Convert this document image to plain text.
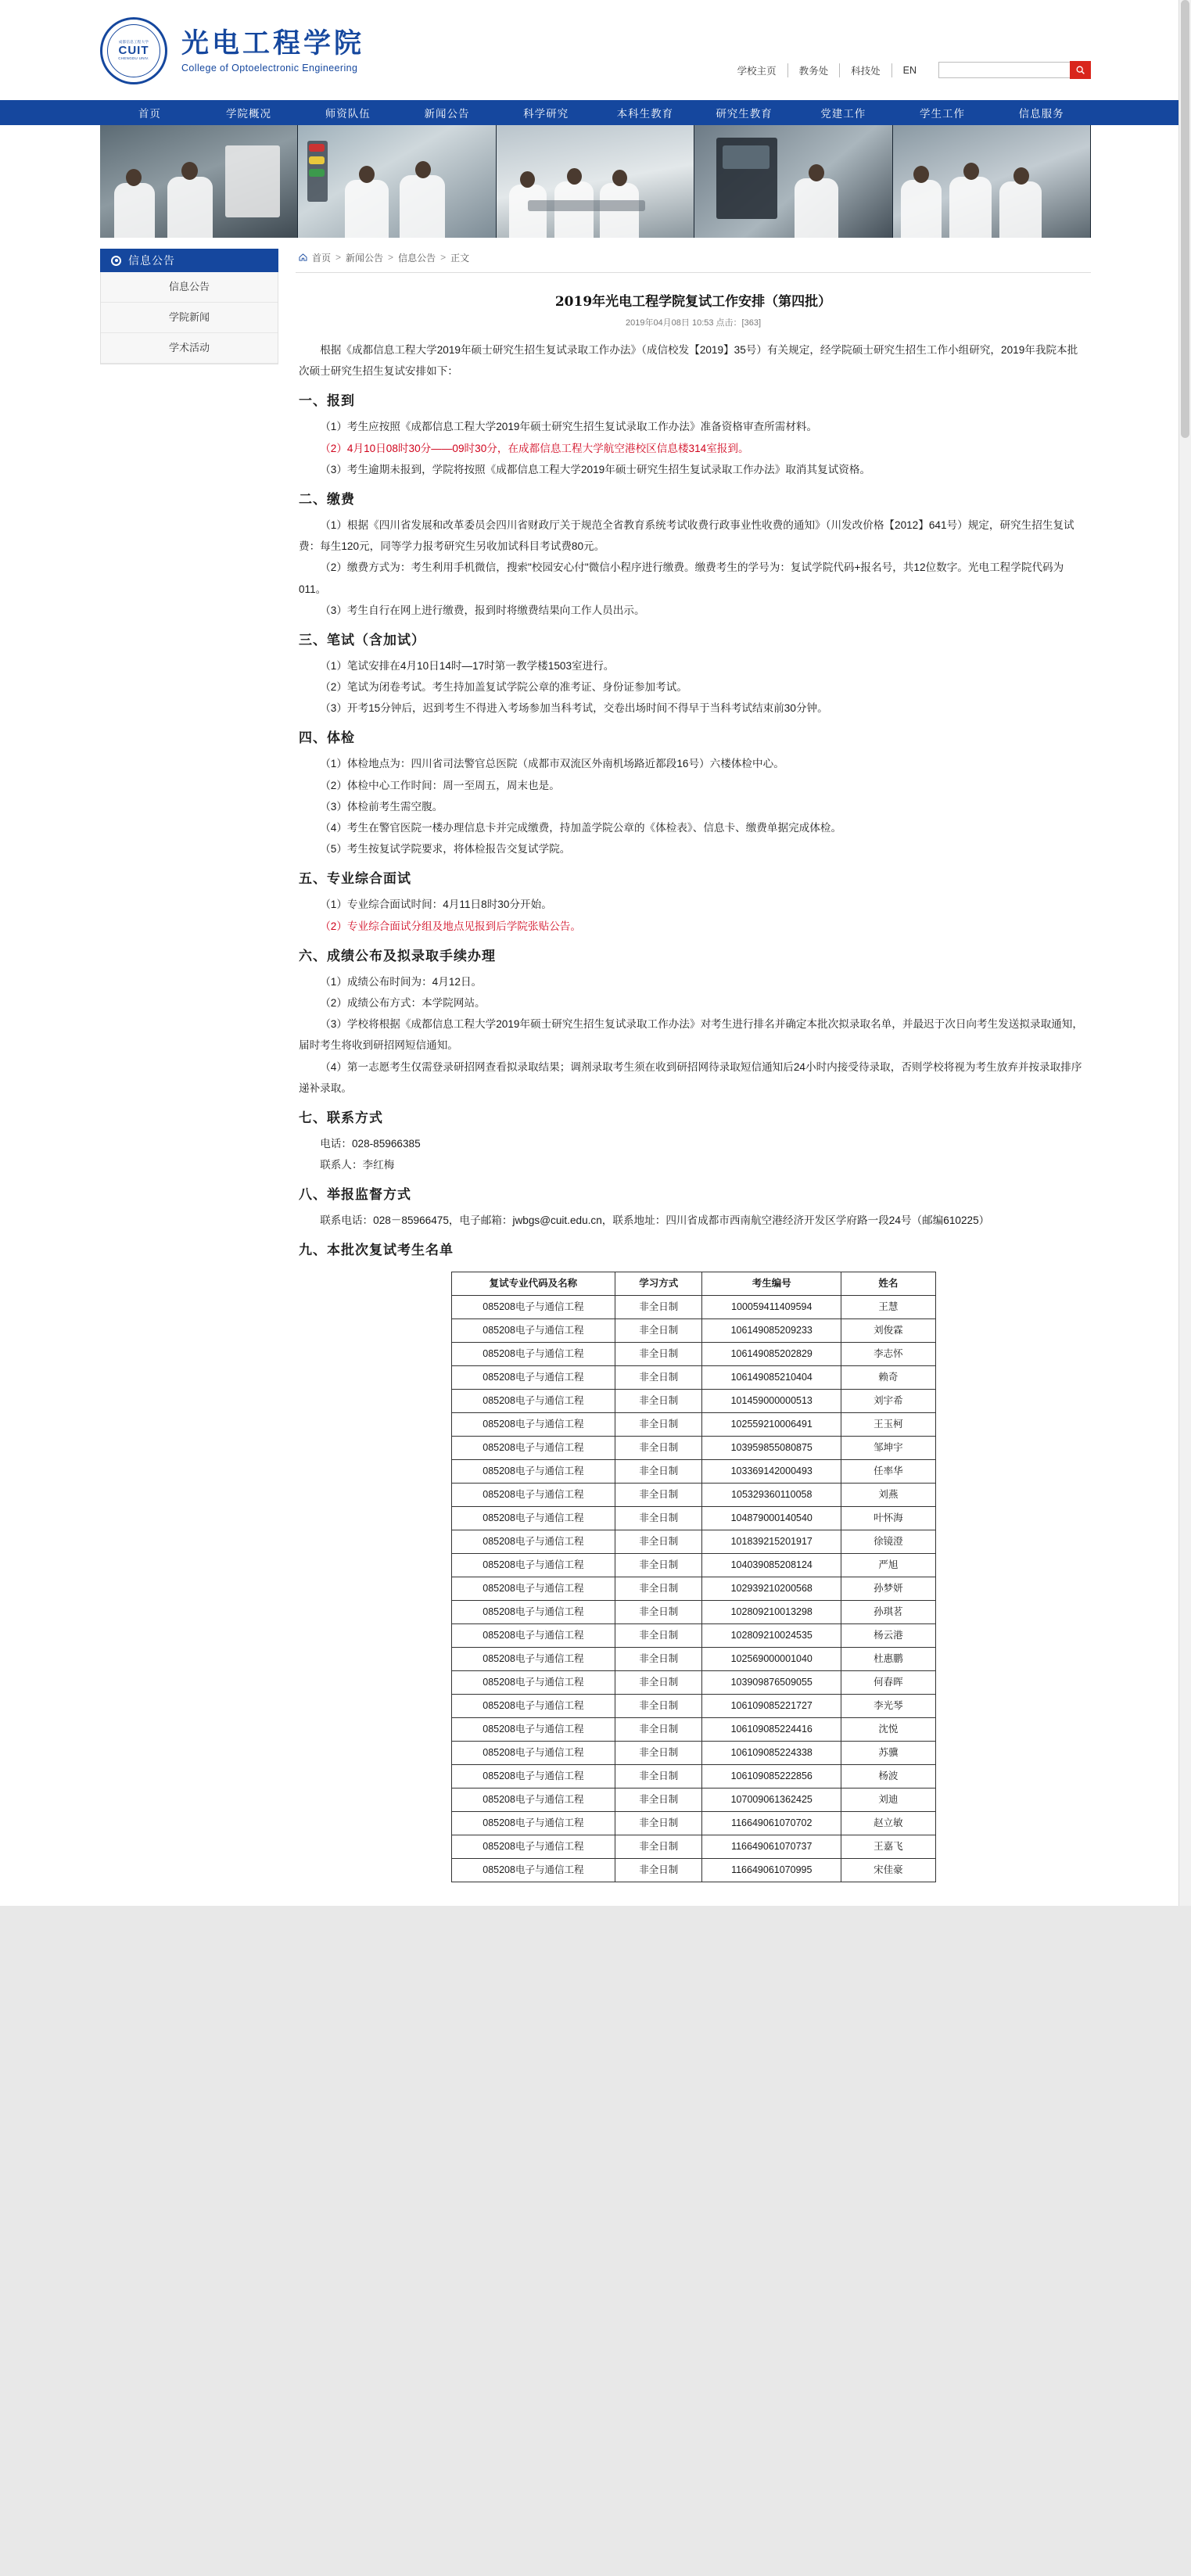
成都信息工程大学
CUIT
CHENGDU UNIV. 光电工程学院
College of Optoelectronic Engineering	学校主页	教务处	科技处	EN
首页	学院概况	师资队伍	新闻公告	科学研究	本科生教育	研究生教育	党建工作	学生工作	信息服务
信息公告
信息公告
学院新闻
学术活动
首页 > 新闻公告 > 信息公告 > 正文
2019年光电工程学院复试工作安排（第四批）
2019年04月08日 10:53 点击：[363]

根据《成都信息工程大学2019年硕士研究生招生复试录取工作办法》（成信校发【2019】35号）有关规定，经学院硕士研究生招生工作小组研究，2019年我院本批次硕士研究生招生复试安排如下：

一、报到

（1）考生应按照《成都信息工程大学2019年硕士研究生招生复试录取工作办法》准备资格审查所需材料。

（2）4月10日08时30分——09时30分，在成都信息工程大学航空港校区信息楼314室报到。

（3）考生逾期未报到，学院将按照《成都信息工程大学2019年硕士研究生招生复试录取工作办法》取消其复试资格。

二、缴费

（1）根据《四川省发展和改革委员会四川省财政厅关于规范全省教育系统考试收费行政事业性收费的通知》（川发改价格【2012】641号）规定，研究生招生复试费：每生120元，同等学力报考研究生另收加试科目考试费80元。

（2）缴费方式为：考生利用手机微信，搜索"校园安心付"微信小程序进行缴费。缴费考生的学号为：复试学院代码+报名号，共12位数字。光电工程学院代码为011。

（3）考生自行在网上进行缴费，报到时将缴费结果向工作人员出示。

三、笔试（含加试）

（1）笔试安排在4月10日14时—17时第一教学楼1503室进行。

（2）笔试为闭卷考试。考生持加盖复试学院公章的准考证、身份证参加考试。

（3）开考15分钟后，迟到考生不得进入考场参加当科考试，交卷出场时间不得早于当科考试结束前30分钟。

四、体检

（1）体检地点为：四川省司法警官总医院（成都市双流区外南机场路近都段16号）六楼体检中心。

（2）体检中心工作时间：周一至周五，周末也是。

（3）体检前考生需空腹。

（4）考生在警官医院一楼办理信息卡并完成缴费，持加盖学院公章的《体检表》、信息卡、缴费单据完成体检。

（5）考生按复试学院要求，将体检报告交复试学院。

五、专业综合面试

（1）专业综合面试时间：4月11日8时30分开始。

（2）专业综合面试分组及地点见报到后学院张贴公告。

六、成绩公布及拟录取手续办理

（1）成绩公布时间为：4月12日。

（2）成绩公布方式：本学院网站。

（3）学校将根据《成都信息工程大学2019年硕士研究生招生复试录取工作办法》对考生进行排名并确定本批次拟录取名单，并最迟于次日向考生发送拟录取通知，届时考生将收到研招网短信通知。

（4）第一志愿考生仅需登录研招网查看拟录取结果；调剂录取考生须在收到研招网待录取短信通知后24小时内接受待录取，否则学校将视为考生放弃并按录取排序递补录取。

七、联系方式

电话：028-85966385

联系人：李红梅

八、举报监督方式

联系电话：028－85966475，电子邮箱：jwbgs@cuit.edu.cn，联系地址：四川省成都市西南航空港经济开发区学府路一段24号（邮编610225）

九、本批次复试考生名单
复试专业代码及名称	学习方式	考生编号	姓名
085208电子与通信工程	非全日制	100059411409594	王慧
085208电子与通信工程	非全日制	106149085209233	刘俊霖
085208电子与通信工程	非全日制	106149085202829	李志怀
085208电子与通信工程	非全日制	106149085210404	赖奇
085208电子与通信工程	非全日制	101459000000513	刘宇希
085208电子与通信工程	非全日制	102559210006491	王玉柯
085208电子与通信工程	非全日制	103959855080875	邹坤宇
085208电子与通信工程	非全日制	103369142000493	任率华
085208电子与通信工程	非全日制	105329360110058	刘燕
085208电子与通信工程	非全日制	104879000140540	叶怀海
085208电子与通信工程	非全日制	101839215201917	徐镜澄
085208电子与通信工程	非全日制	104039085208124	严旭
085208电子与通信工程	非全日制	102939210200568	孙梦妍
085208电子与通信工程	非全日制	102809210013298	孙琪茗
085208电子与通信工程	非全日制	102809210024535	杨云港
085208电子与通信工程	非全日制	102569000001040	杜惠鹏
085208电子与通信工程	非全日制	103909876509055	何春晖
085208电子与通信工程	非全日制	106109085221727	李光琴
085208电子与通信工程	非全日制	106109085224416	沈悦
085208电子与通信工程	非全日制	106109085224338	苏骥
085208电子与通信工程	非全日制	106109085222856	杨波
085208电子与通信工程	非全日制	107009061362425	刘迪
085208电子与通信工程	非全日制	116649061070702	赵立敏
085208电子与通信工程	非全日制	116649061070737	王嘉飞
085208电子与通信工程	非全日制	116649061070995	宋佳豪
